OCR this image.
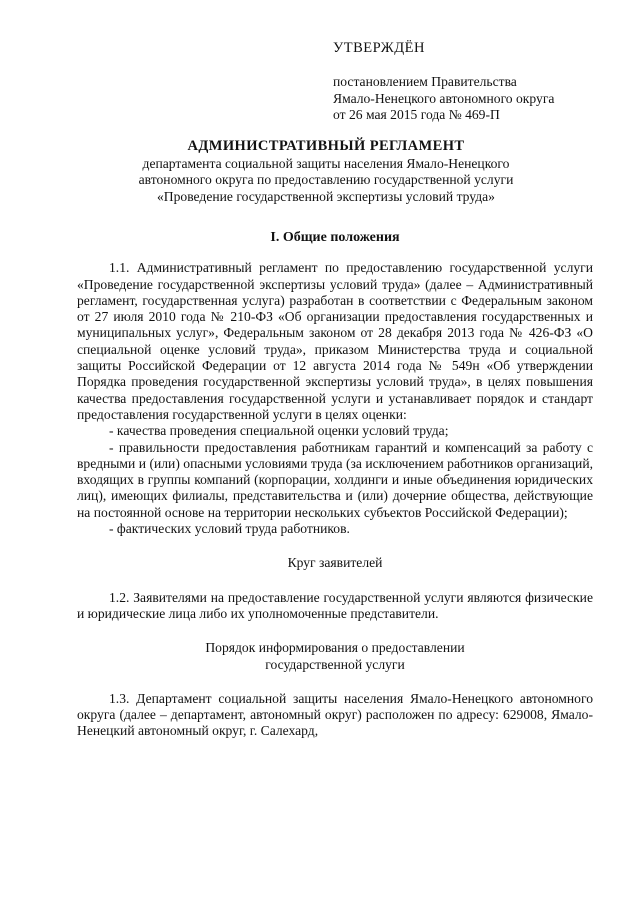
УТВЕРЖДЁН
постановлением Правительства
Ямало-Ненецкого автономного округа
от 26 мая 2015 года № 469-П
АДМИНИСТРАТИВНЫЙ РЕГЛАМЕНТ
департамента социальной защиты населения Ямало-Ненецкого
автономного округа по предоставлению государственной услуги
«Проведение государственной экспертизы условий труда»
I. Общие положения

1.1. Административный регламент по предоставлению государственной услуги «Проведение государственной экспертизы условий труда» (далее – Административный регламент, государственная услуга) разработан в соответствии с Федеральным законом от 27 июля 2010 года № 210-ФЗ «Об организации предоставления государственных и муниципальных услуг», Федеральным законом от 28 декабря 2013 года № 426-ФЗ «О специальной оценке условий труда», приказом Министерства труда и социальной защиты Российской Федерации от 12 августа 2014 года № 549н «Об утверждении Порядка проведения государственной экспертизы условий труда», в целях повышения качества предоставления государственной услуги и устанавливает порядок и стандарт предоставления государственной услуги в целях оценки:

- качества проведения специальной оценки условий труда;

- правильности предоставления работникам гарантий и компенсаций за работу с вредными и (или) опасными условиями труда (за исключением работников организаций, входящих в группы компаний (корпорации, холдинги и иные объединения юридических лиц), имеющих филиалы, представительства и (или) дочерние общества, действующие на постоянной основе на территории нескольких субъектов Российской Федерации);

- фактических условий труда работников.

Круг заявителей

1.2. Заявителями на предоставление государственной услуги являются физические и юридические лица либо их уполномоченные представители.

Порядок информирования о предоставлении
государственной услуги

1.3. Департамент социальной защиты населения Ямало-Ненецкого автономного округа (далее – департамент, автономный округ) расположен по адресу: 629008, Ямало-Ненецкий автономный округ, г. Салехард,
